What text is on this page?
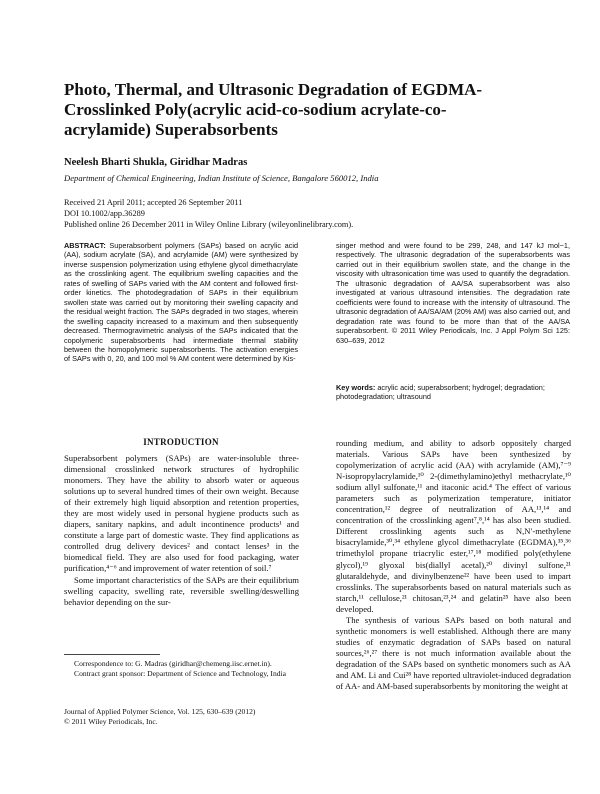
Photo, Thermal, and Ultrasonic Degradation of EGDMA-
Crosslinked Poly(acrylic acid-co-sodium acrylate-co-
acrylamide) Superabsorbents
Neelesh Bharti Shukla, Giridhar Madras
Department of Chemical Engineering, Indian Institute of Science, Bangalore 560012, India
Received 21 April 2011; accepted 26 September 2011
DOI 10.1002/app.36289
Published online 26 December 2011 in Wiley Online Library (wileyonlinelibrary.com).
ABSTRACT: Superabsorbent polymers (SAPs) based on acrylic acid (AA), sodium acrylate (SA), and acrylamide (AM) were synthesized by inverse suspension polymerization using ethylene glycol dimethacrylate as the crosslinking agent. The equilibrium swelling capacities and the rates of swelling of SAPs varied with the AM content and followed first-order kinetics. The photodegradation of SAPs in their equilibrium swollen state was carried out by monitoring their swelling capacity and the residual weight fraction. The SAPs degraded in two stages, wherein the swelling capacity increased to a maximum and then subsequently decreased. Thermogravimetric analysis of the SAPs indicated that the copolymeric superabsorbents had intermediate thermal stability between the homopolymeric superabsorbents. The activation energies of SAPs with 0, 20, and 100 mol % AM content were determined by Kis-
singer method and were found to be 299, 248, and 147 kJ mol−1, respectively. The ultrasonic degradation of the superabsorbents was carried out in their equilibrium swollen state, and the change in the viscosity with ultrasonication time was used to quantify the degradation. The ultrasonic degradation of AA/SA superabsorbent was also investigated at various ultrasound intensities. The degradation rate coefficients were found to increase with the intensity of ultrasound. The ultrasonic degradation of AA/SA/AM (20% AM) was also carried out, and degradation rate was found to be more than that of the AA/SA superabsorbent. © 2011 Wiley Periodicals, Inc. J Appl Polym Sci 125: 630–639, 2012
Key words: acrylic acid; superabsorbent; hydrogel; degradation; photodegradation; ultrasound
INTRODUCTION

Superabsorbent polymers (SAPs) are water-insoluble three-dimensional crosslinked network structures of hydrophilic monomers. They have the ability to absorb water or aqueous solutions up to several hundred times of their own weight. Because of their extremely high liquid absorption and retention properties, they are most widely used in personal hygiene products such as diapers, sanitary napkins, and adult incontinence products¹ and constitute a large part of domestic waste. They find applications as controlled drug delivery devices² and contact lenses³ in the biomedical field. They are also used for food packaging, water purification,⁴⁻⁶ and improvement of water retention of soil.⁷

Some important characteristics of the SAPs are their equilibrium swelling capacity, swelling rate, reversible swelling/deswelling behavior depending on the sur-

rounding medium, and ability to adsorb oppositely charged materials. Various SAPs have been synthesized by copolymerization of acrylic acid (AA) with acrylamide (AM),⁷⁻⁹ N-isopropylacrylamide,¹⁰ 2-(dimethylamino)ethyl methacrylate,¹⁰ sodium allyl sulfonate,¹¹ and itaconic acid.⁴ The effect of various parameters such as polymerization temperature, initiator concentration,¹² degree of neutralization of AA,¹³,¹⁴ and concentration of the crosslinking agent⁷,⁸,¹⁴ has also been studied. Different crosslinking agents such as N,N′-methylene bisacrylamide,³⁰,³⁴ ethylene glycol dimethacrylate (EGDMA),³⁵,³⁶ trimethylol propane triacrylic ester,¹⁷,¹⁸ modified poly(ethylene glycol),¹⁹ glyoxal bis(diallyl acetal),²⁰ divinyl sulfone,²¹ glutaraldehyde, and divinylbenzene²² have been used to impart crosslinks. The superabsorbents based on natural materials such as starch,¹¹ cellulose,²¹ chitosan,²³,²⁴ and gelatin²⁵ have also been developed.

The synthesis of various SAPs based on both natural and synthetic monomers is well established. Although there are many studies of enzymatic degradation of SAPs based on natural sources,²⁶,²⁷ there is not much information available about the degradation of the SAPs based on synthetic monomers such as AA and AM. Li and Cui²⁸ have reported ultraviolet-induced degradation of AA- and AM-based superabsorbents by monitoring the weight at

Correspondence to: G. Madras (giridhar@chemeng.iisc.ernet.in).
Contract grant sponsor: Department of Science and Technology, India
Journal of Applied Polymer Science, Vol. 125, 630–639 (2012)
© 2011 Wiley Periodicals, Inc.
